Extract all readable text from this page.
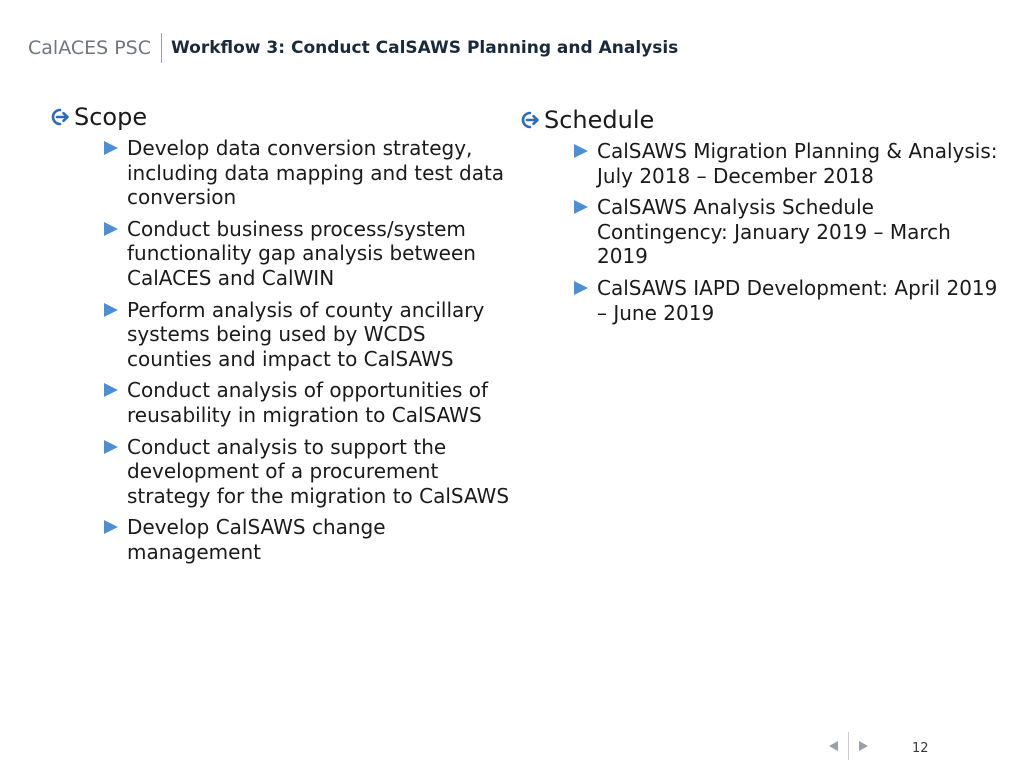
CalACES PSC Workflow 3: Conduct CalSAWS Planning and Analysis
Scope
Develop data conversion strategy, including data mapping and test data conversion
Conduct business process/system functionality gap analysis between CalACES and CalWIN
Perform analysis of county ancillary systems being used by WCDS counties and impact to CalSAWS
Conduct analysis of opportunities of reusability in migration to CalSAWS
Conduct analysis to support the development of a procurement strategy for the migration to CalSAWS
Develop CalSAWS change management
Schedule
CalSAWS Migration Planning & Analysis: July 2018 – December 2018
CalSAWS Analysis Schedule Contingency: January 2019 – March 2019
CalSAWS IAPD Development: April 2019 – June 2019
12
